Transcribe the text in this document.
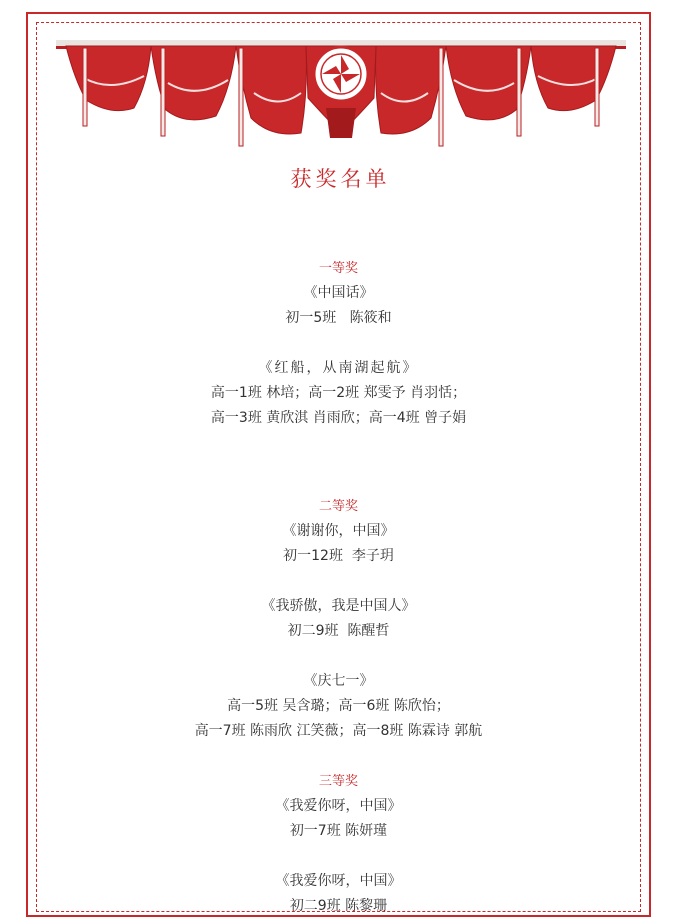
获奖名单
一等奖
《中国话》
初一5班   陈筱和
《红船，从南湖起航》
高一1班 林培；高一2班 郑雯予 肖羽恬；
高一3班 黄欣淇 肖雨欣；高一4班 曾子娟
二等奖
《谢谢你，中国》
初一12班  李子玥
《我骄傲，我是中国人》
初二9班  陈醒哲
《庆七一》
高一5班 吴含璐；高一6班 陈欣怡；
高一7班 陈雨欣 江笑薇；高一8班 陈霖诗 郭航
三等奖
《我爱你呀，中国》
初一7班 陈妍瑾
《我爱你呀，中国》
初二9班 陈黎珊
